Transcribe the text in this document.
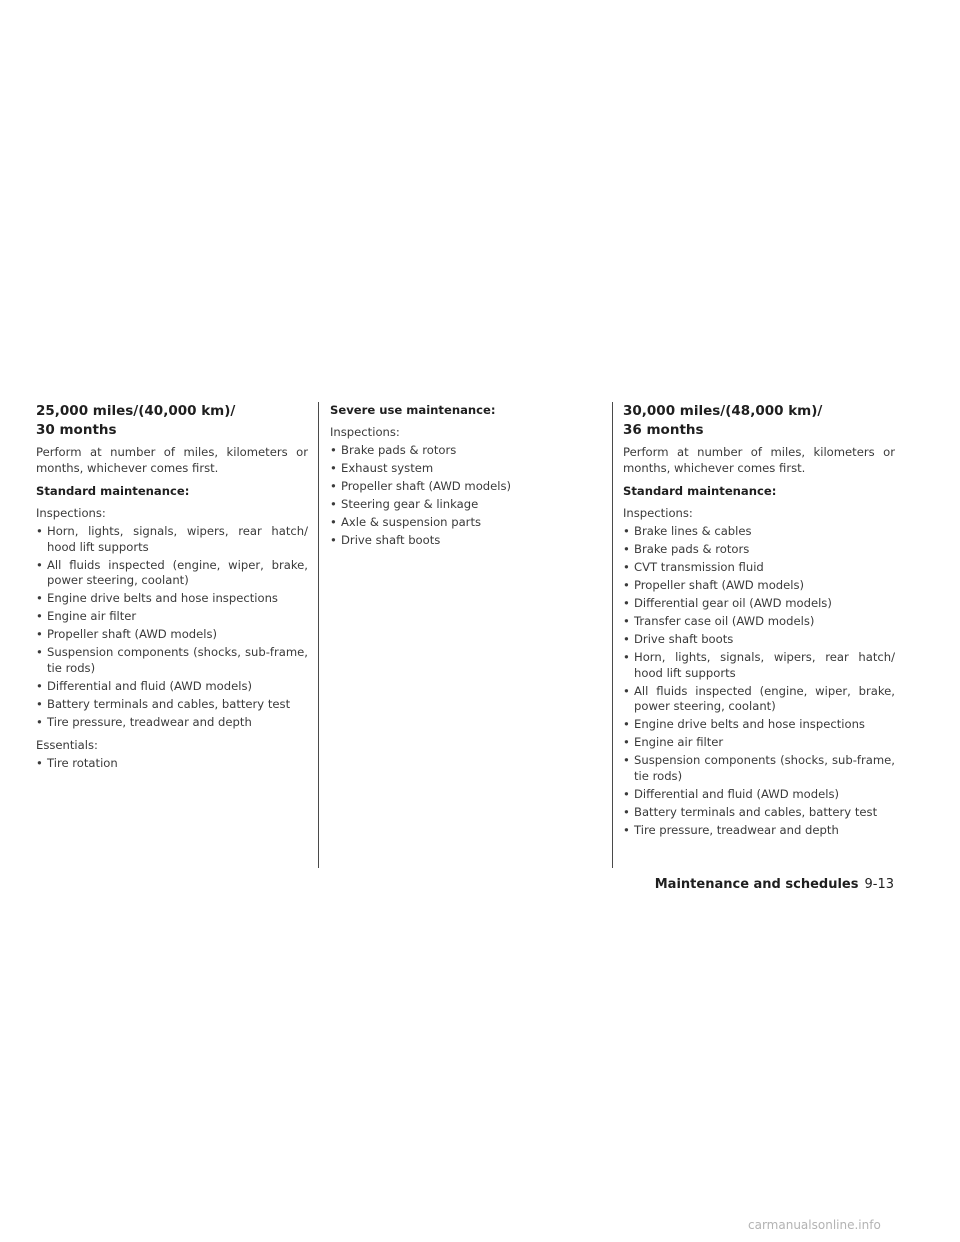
25,000 miles/(40,000 km)/
30 months

Perform at number of miles, kilometers or months, whichever comes first.

Standard maintenance:

Inspections:

• Horn, lights, signals, wipers, rear hatch/ hood lift supports
• All fluids inspected (engine, wiper, brake, power steering, coolant)
• Engine drive belts and hose inspections
• Engine air filter
• Propeller shaft (AWD models)
• Suspension components (shocks, sub-frame, tie rods)
• Differential and fluid (AWD models)
• Battery terminals and cables, battery test
• Tire pressure, treadwear and depth

Essentials:

• Tire rotation

Severe use maintenance:

Inspections:

• Brake pads & rotors
• Exhaust system
• Propeller shaft (AWD models)
• Steering gear & linkage
• Axle & suspension parts
• Drive shaft boots
30,000 miles/(48,000 km)/
36 months

Perform at number of miles, kilometers or months, whichever comes first.

Standard maintenance:

Inspections:

• Brake lines & cables
• Brake pads & rotors
• CVT transmission fluid
• Propeller shaft (AWD models)
• Differential gear oil (AWD models)
• Transfer case oil (AWD models)
• Drive shaft boots
• Horn, lights, signals, wipers, rear hatch/ hood lift supports
• All fluids inspected (engine, wiper, brake, power steering, coolant)
• Engine drive belts and hose inspections
• Engine air filter
• Suspension components (shocks, sub-frame, tie rods)
• Differential and fluid (AWD models)
• Battery terminals and cables, battery test
• Tire pressure, treadwear and depth
Maintenance and schedules 9-13
carmanualsonline.info
